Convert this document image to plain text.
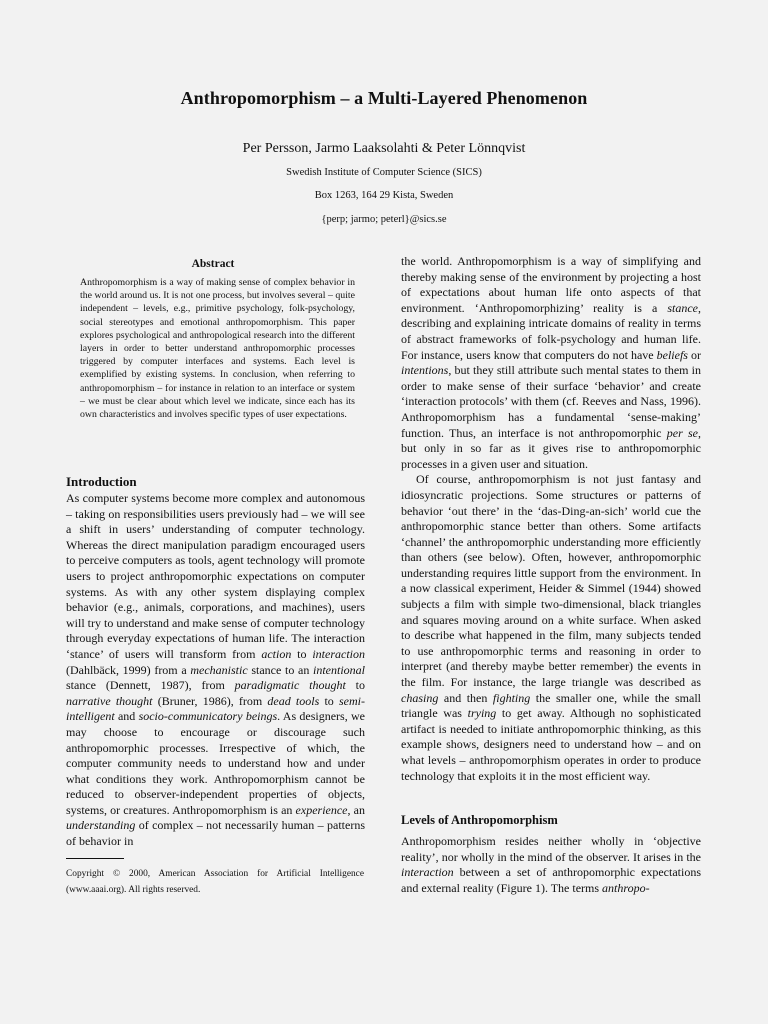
Anthropomorphism – a Multi-Layered Phenomenon
Per Persson, Jarmo Laaksolahti & Peter Lönnqvist
Swedish Institute of Computer Science (SICS)
Box 1263, 164 29 Kista, Sweden
{perp; jarmo; peterl}@sics.se
Abstract
Anthropomorphism is a way of making sense of complex behavior in the world around us. It is not one process, but involves several – quite independent – levels, e.g., primitive psychology, folk-psychology, social stereotypes and emotional anthropomorphism. This paper explores psychological and anthropological research into the different layers in order to better understand anthropomorphic processes triggered by computer interfaces and systems. Each level is exemplified by existing systems. In conclusion, when referring to anthropomorphism – for instance in relation to an interface or system – we must be clear about which level we indicate, since each has its own characteristics and involves specific types of user expectations.
Introduction
As computer systems become more complex and autonomous – taking on responsibilities users previously had – we will see a shift in users’ understanding of computer technology. Whereas the direct manipulation paradigm encouraged users to perceive computers as tools, agent technology will promote users to project anthropomorphic expectations on computer systems. As with any other system displaying complex behavior (e.g., animals, corporations, and machines), users will try to understand and make sense of computer technology through everyday expectations of human life. The interaction ‘stance’ of users will transform from action to interaction (Dahlbäck, 1999) from a mechanistic stance to an intentional stance (Dennett, 1987), from paradigmatic thought to narrative thought (Bruner, 1986), from dead tools to semi-intelligent and socio-communicatory beings. As designers, we may choose to encourage or discourage such anthropomorphic processes. Irrespective of which, the computer community needs to understand how and under what conditions they work. Anthropomorphism cannot be reduced to observer-independent properties of objects, systems, or creatures. Anthropomorphism is an experience, an understanding of complex – not necessarily human – patterns of behavior in
Copyright © 2000, American Association for Artificial Intelligence (www.aaai.org). All rights reserved.

the world. Anthropomorphism is a way of simplifying and thereby making sense of the environment by projecting a host of expectations about human life onto aspects of that environment. ‘Anthropomorphizing’ reality is a stance, describing and explaining intricate domains of reality in terms of abstract frameworks of folk-psychology and human life. For instance, users know that computers do not have beliefs or intentions, but they still attribute such mental states to them in order to make sense of their surface ‘behavior’ and create ‘interaction protocols’ with them (cf. Reeves and Nass, 1996). Anthropomorphism has a fundamental ‘sense-making’ function. Thus, an interface is not anthropomorphic per se, but only in so far as it gives rise to anthropomorphic processes in a given user and situation.

Of course, anthropomorphism is not just fantasy and idiosyncratic projections. Some structures or patterns of behavior ‘out there’ in the ‘das-Ding-an-sich’ world cue the anthropomorphic stance better than others. Some artifacts ‘channel’ the anthropomorphic understanding more efficiently than others (see below). Often, however, anthropomorphic understanding requires little support from the environment. In a now classical experiment, Heider & Simmel (1944) showed subjects a film with simple two-dimensional, black triangles and squares moving around on a white surface. When asked to describe what happened in the film, many subjects tended to use anthropomorphic terms and reasoning in order to interpret (and thereby maybe better remember) the events in the film. For instance, the large triangle was described as chasing and then fighting the smaller one, while the small triangle was trying to get away. Although no sophisticated artifact is needed to initiate anthropomorphic thinking, as this example shows, designers need to understand how – and on what levels – anthropomorphism operates in order to produce technology that exploits it in the most efficient way.

Levels of Anthropomorphism
Anthropomorphism resides neither wholly in ‘objective reality’, nor wholly in the mind of the observer. It arises in the interaction between a set of anthropomorphic expectations and external reality (Figure 1). The terms anthropo-
